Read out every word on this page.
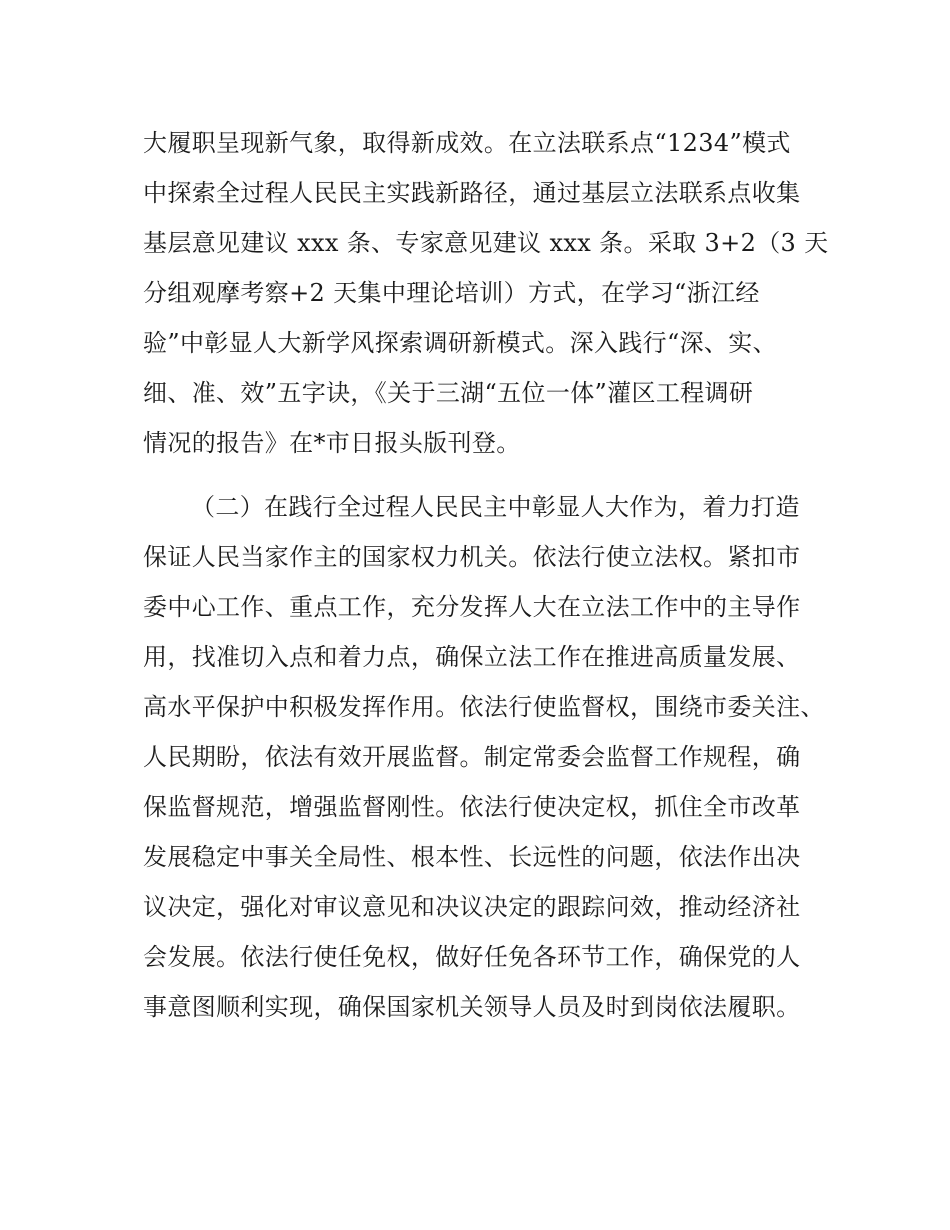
大履职呈现新气象，取得新成效。在立法联系点“1234”模式
中探索全过程人民民主实践新路径，通过基层立法联系点收集
基层意见建议 xxx 条、专家意见建议 xxx 条。采取 3+2（3 天
分组观摩考察+2 天集中理论培训）方式，在学习“浙江经
验”中彰显人大新学风探索调研新模式。深入践行“深、实、
细、准、效”五字诀，《关于三湖“五位一体”灌区工程调研
情况的报告》在*市日报头版刊登。
（二）在践行全过程人民民主中彰显人大作为，着力打造
保证人民当家作主的国家权力机关。依法行使立法权。紧扣市
委中心工作、重点工作，充分发挥人大在立法工作中的主导作
用，找准切入点和着力点，确保立法工作在推进高质量发展、
高水平保护中积极发挥作用。依法行使监督权，围绕市委关注、
人民期盼，依法有效开展监督。制定常委会监督工作规程，确
保监督规范，增强监督刚性。依法行使决定权，抓住全市改革
发展稳定中事关全局性、根本性、长远性的问题，依法作出决
议决定，强化对审议意见和决议决定的跟踪问效，推动经济社
会发展。依法行使任免权，做好任免各环节工作，确保党的人
事意图顺利实现，确保国家机关领导人员及时到岗依法履职。
